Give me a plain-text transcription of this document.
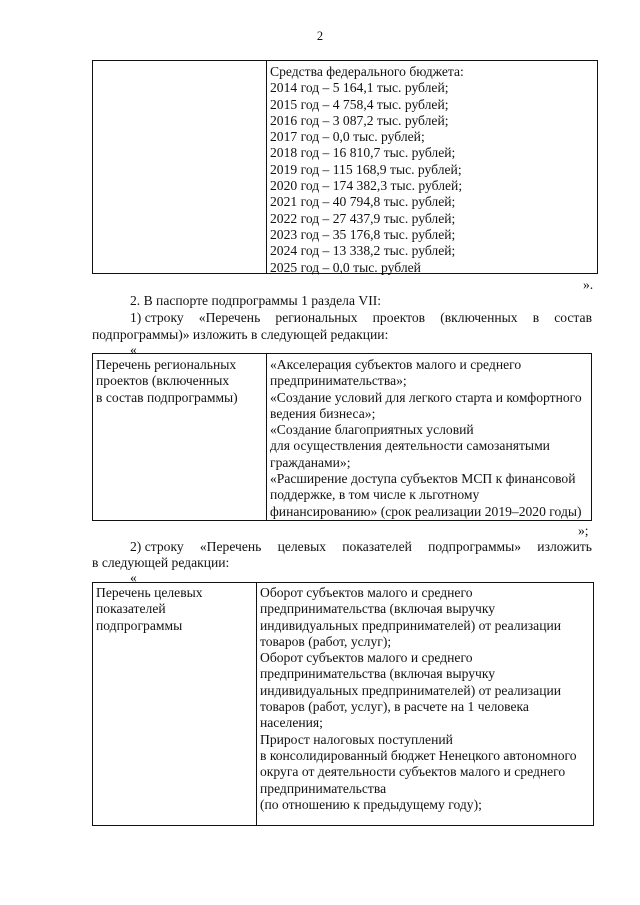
2
Средства федерального бюджета:
2014 год – 5 164,1 тыс. рублей;
2015 год – 4 758,4 тыс. рублей;
2016 год – 3 087,2 тыс. рублей;
2017 год – 0,0 тыс. рублей;
2018 год – 16 810,7 тыс. рублей;
2019 год – 115 168,9 тыс. рублей;
2020 год – 174 382,3 тыс. рублей;
2021 год – 40 794,8 тыс. рублей;
2022 год – 27 437,9 тыс. рублей;
2023 год – 35 176,8 тыс. рублей;
2024 год – 13 338,2 тыс. рублей;
2025 год – 0,0 тыс. рублей
».
2. В паспорте подпрограммы 1 раздела VII:
1) строку «Перечень региональных проектов (включенных в состав
подпрограммы)» изложить в следующей редакции:
«
Перечень региональных
проектов (включенных
в состав подпрограммы)
«Акселерация субъектов малого и среднего
предпринимательства»;
«Создание условий для легкого старта и комфортного
ведения бизнеса»;
«Создание благоприятных условий
для осуществления деятельности самозанятыми
гражданами»;
«Расширение доступа субъектов МСП к финансовой
поддержке, в том числе к льготному
финансированию» (срок реализации 2019–2020 годы)
»;
2) строку «Перечень целевых показателей подпрограммы» изложить
в следующей редакции:
«
Перечень целевых
показателей
подпрограммы
Оборот субъектов малого и среднего
предпринимательства (включая выручку
индивидуальных предпринимателей) от реализации
товаров (работ, услуг);
Оборот субъектов малого и среднего
предпринимательства (включая выручку
индивидуальных предпринимателей) от реализации
товаров (работ, услуг), в расчете на 1 человека
населения;
Прирост налоговых поступлений
в консолидированный бюджет Ненецкого автономного
округа от деятельности субъектов малого и среднего
предпринимательства
(по отношению к предыдущему году);
